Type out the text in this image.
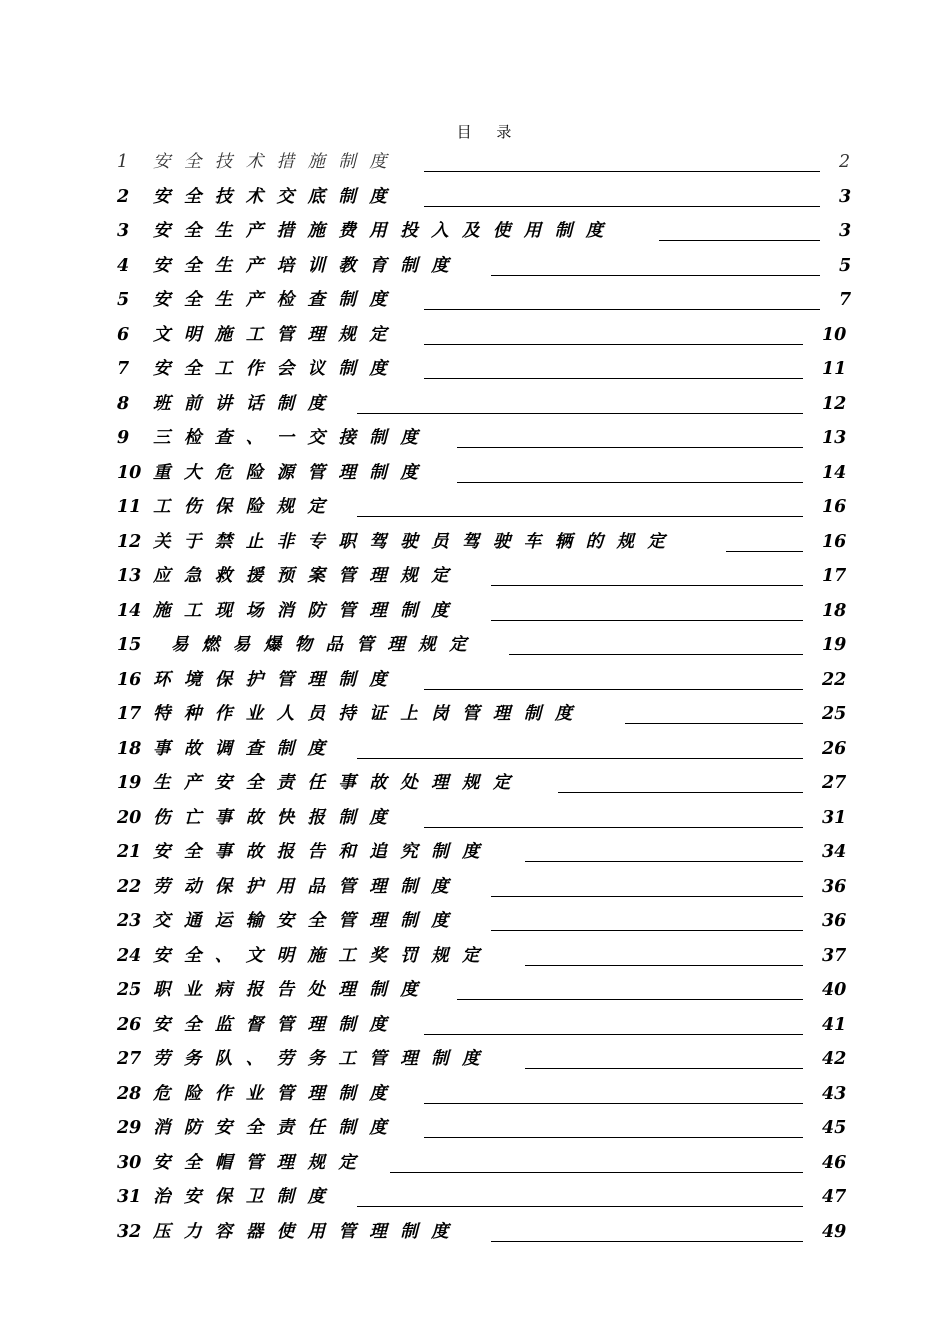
目 录
1 安全技术措施制度	2
2 安全技术交底制度	3
3 安全生产措施费用投入及使用制度	3
4 安全生产培训教育制度	5
5 安全生产检查制度	7
6 文明施工管理规定	10
7 安全工作会议制度	11
8 班前讲话制度	12
9 三检查、一交接制度	13
10 重大危险源管理制度	14
11 工伤保险规定	16
12 关于禁止非专职驾驶员驾驶车辆的规定	16
13 应急救援预案管理规定	17
14 施工现场消防管理制度	18
15 易燃易爆物品管理规定	19
16 环境保护管理制度	22
17 特种作业人员持证上岗管理制度	25
18 事故调查制度	26
19 生产安全责任事故处理规定	27
20 伤亡事故快报制度	31
21 安全事故报告和追究制度	34
22 劳动保护用品管理制度	36
23 交通运输安全管理制度	36
24 安全、文明施工奖罚规定	37
25 职业病报告处理制度	40
26 安全监督管理制度	41
27 劳务队、劳务工管理制度	42
28 危险作业管理制度	43
29 消防安全责任制度	45
30 安全帽管理规定	46
31 治安保卫制度	47
32 压力容器使用管理制度	49
